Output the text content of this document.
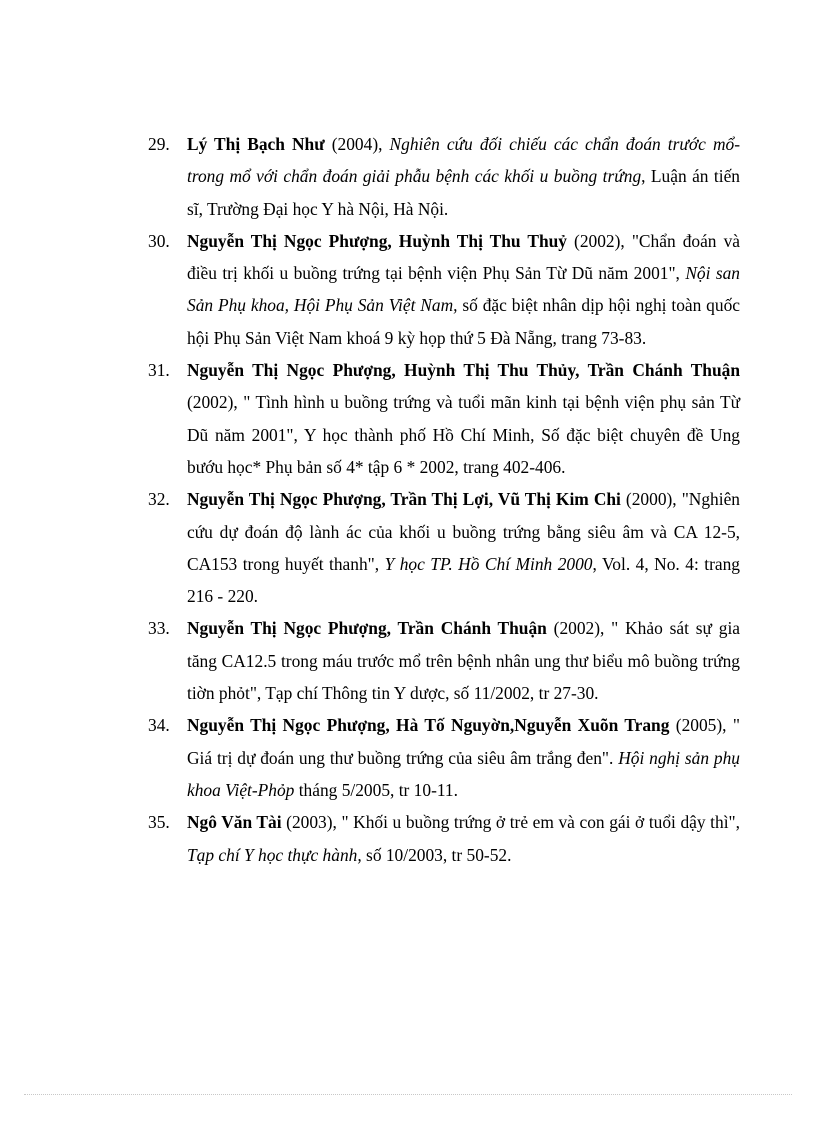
29. Lý Thị Bạch Như (2004), Nghiên cứu đối chiếu các chẩn đoán trước mổ-trong mổ với chẩn đoán giải phẫu bệnh các khối u buồng trứng, Luận án tiến sĩ, Trường Đại học Y hà Nội, Hà Nội.
30. Nguyễn Thị Ngọc Phượng, Huỳnh Thị Thu Thuỷ (2002), "Chẩn đoán và điều trị khối u buồng trứng tại bệnh viện Phụ Sản Từ Dũ năm 2001", Nội san Sản Phụ khoa, Hội Phụ Sản Việt Nam, số đặc biệt nhân dịp hội nghị toàn quốc hội Phụ Sản Việt Nam khoá 9 kỳ họp thứ 5 Đà Nẵng, trang 73-83.
31. Nguyễn Thị Ngọc Phượng, Huỳnh Thị Thu Thủy, Trần Chánh Thuận (2002), " Tình hình u buồng trứng và tuổi mãn kinh tại bệnh viện phụ sản Từ Dũ năm 2001", Y học thành phố Hồ Chí Minh, Số đặc biệt chuyên đề Ung bướu học* Phụ bản số 4* tập 6 * 2002, trang 402-406.
32. Nguyễn Thị Ngọc Phượng, Trần Thị Lợi, Vũ Thị Kim Chi (2000), "Nghiên cứu dự đoán độ lành ác của khối u buồng trứng bằng siêu âm và CA 12-5, CA153 trong huyết thanh", Y học TP. Hồ Chí Minh 2000, Vol. 4, No. 4: trang 216 - 220.
33. Nguyễn Thị Ngọc Phượng, Trần Chánh Thuận (2002), " Khảo sát sự gia tăng CA12.5 trong máu trước mổ trên bệnh nhân ung thư biểu mô buồng trứng tiờn phỏt", Tạp chí Thông tin Y dược, số 11/2002, tr 27-30.
34. Nguyễn Thị Ngọc Phượng, Hà Tố Nguyờn,Nguyễn Xuõn Trang (2005), " Giá trị dự đoán ung thư buồng trứng của siêu âm trắng đen". Hội nghị sản phụ khoa Việt-Phỏp tháng 5/2005, tr 10-11.
35. Ngô Văn Tài (2003), " Khối u buồng trứng ở trẻ em và con gái ở tuổi dậy thì", Tạp chí Y học thực hành, số 10/2003, tr 50-52.
